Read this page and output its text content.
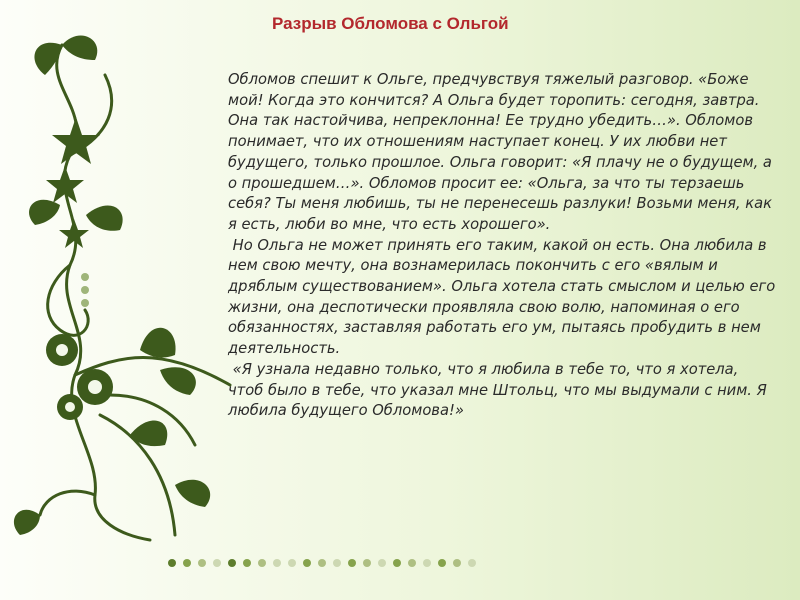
Разрыв Обломова с Ольгой

Обломов спешит к Ольге, предчувствуя тяжелый разговор. «Боже мой! Когда это кончится? А Ольга будет торопить: сегодня, завтра. Она так настойчива, непреклонна! Ее трудно убедить…». Обломов понимает, что их отношениям наступает конец. У их любви нет будущего, только прошлое. Ольга говорит: «Я плачу не о будущем, а о прошедшем…». Обломов просит ее: «Ольга, за что ты терзаешь себя? Ты меня любишь, ты не перенесешь разлуки! Возьми меня, как я есть, люби во мне, что есть хорошего».

Но Ольга не может принять его таким, какой он есть. Она любила в нем свою мечту, она вознамерилась покончить с его «вялым и дряблым существованием». Ольга хотела стать смыслом и целью его жизни, она деспотически проявляла свою волю, напоминая о его обязанностях, заставляя работать его ум, пытаясь пробудить в нем деятельность.

«Я узнала недавно только, что я любила в тебе то, что я хотела, чтоб было в тебе, что указал мне Штольц, что мы выдумали с ним. Я любила будущего Обломова!»
